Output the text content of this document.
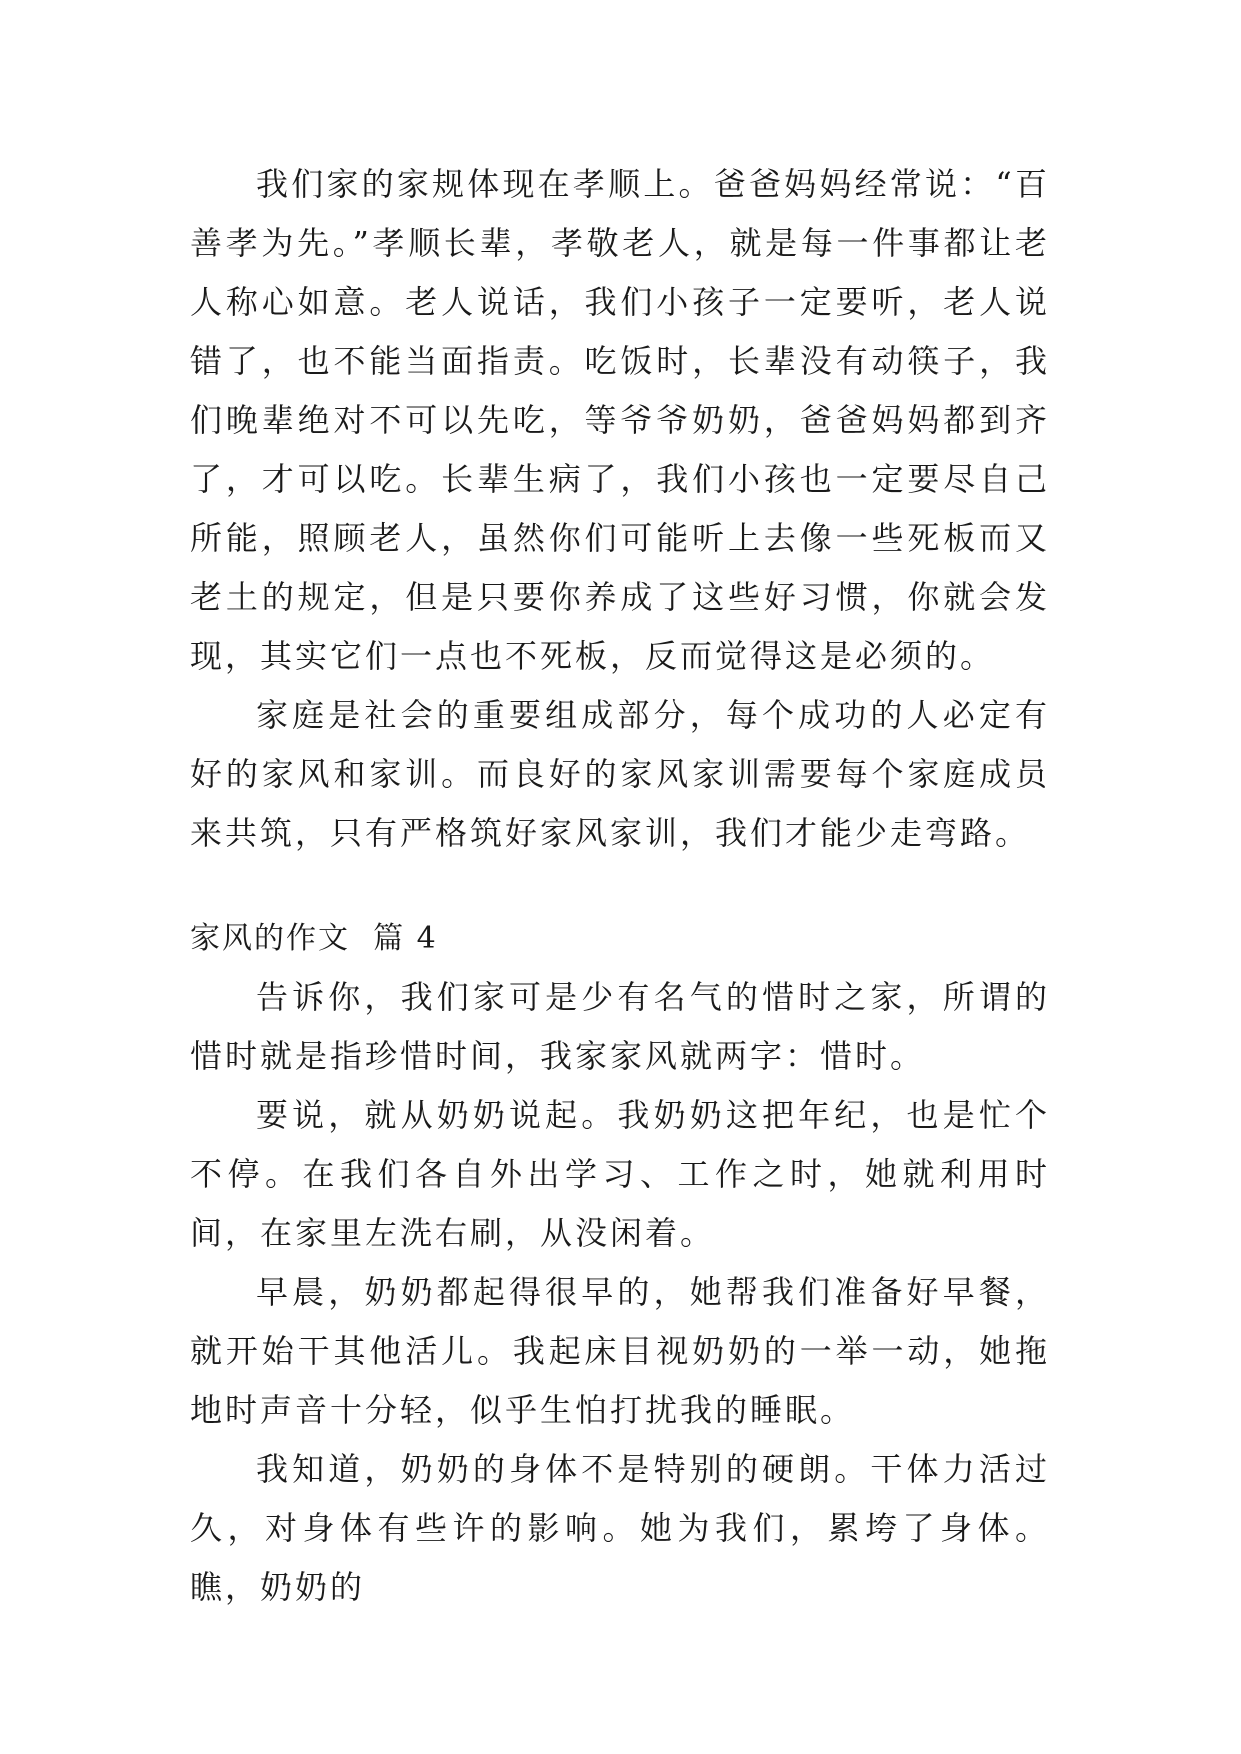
我们家的家规体现在孝顺上。爸爸妈妈经常说：“百善孝为先。”孝顺长辈，孝敬老人，就是每一件事都让老人称心如意。老人说话，我们小孩子一定要听，老人说错了，也不能当面指责。吃饭时，长辈没有动筷子，我们晚辈绝对不可以先吃，等爷爷奶奶，爸爸妈妈都到齐了，才可以吃。长辈生病了，我们小孩也一定要尽自己所能，照顾老人，虽然你们可能听上去像一些死板而又老土的规定，但是只要你养成了这些好习惯，你就会发现，其实它们一点也不死板，反而觉得这是必须的。

家庭是社会的重要组成部分，每个成功的人必定有好的家风和家训。而良好的家风家训需要每个家庭成员来共筑，只有严格筑好家风家训，我们才能少走弯路。

家风的作文  篇 4

告诉你，我们家可是少有名气的惜时之家，所谓的惜时就是指珍惜时间，我家家风就两字：惜时。

要说，就从奶奶说起。我奶奶这把年纪，也是忙个不停。在我们各自外出学习、工作之时，她就利用时间，在家里左洗右刷，从没闲着。

早晨，奶奶都起得很早的，她帮我们准备好早餐，就开始干其他活儿。我起床目视奶奶的一举一动，她拖地时声音十分轻，似乎生怕打扰我的睡眠。

我知道，奶奶的身体不是特别的硬朗。干体力活过久，对身体有些许的影响。她为我们，累垮了身体。瞧，奶奶的
